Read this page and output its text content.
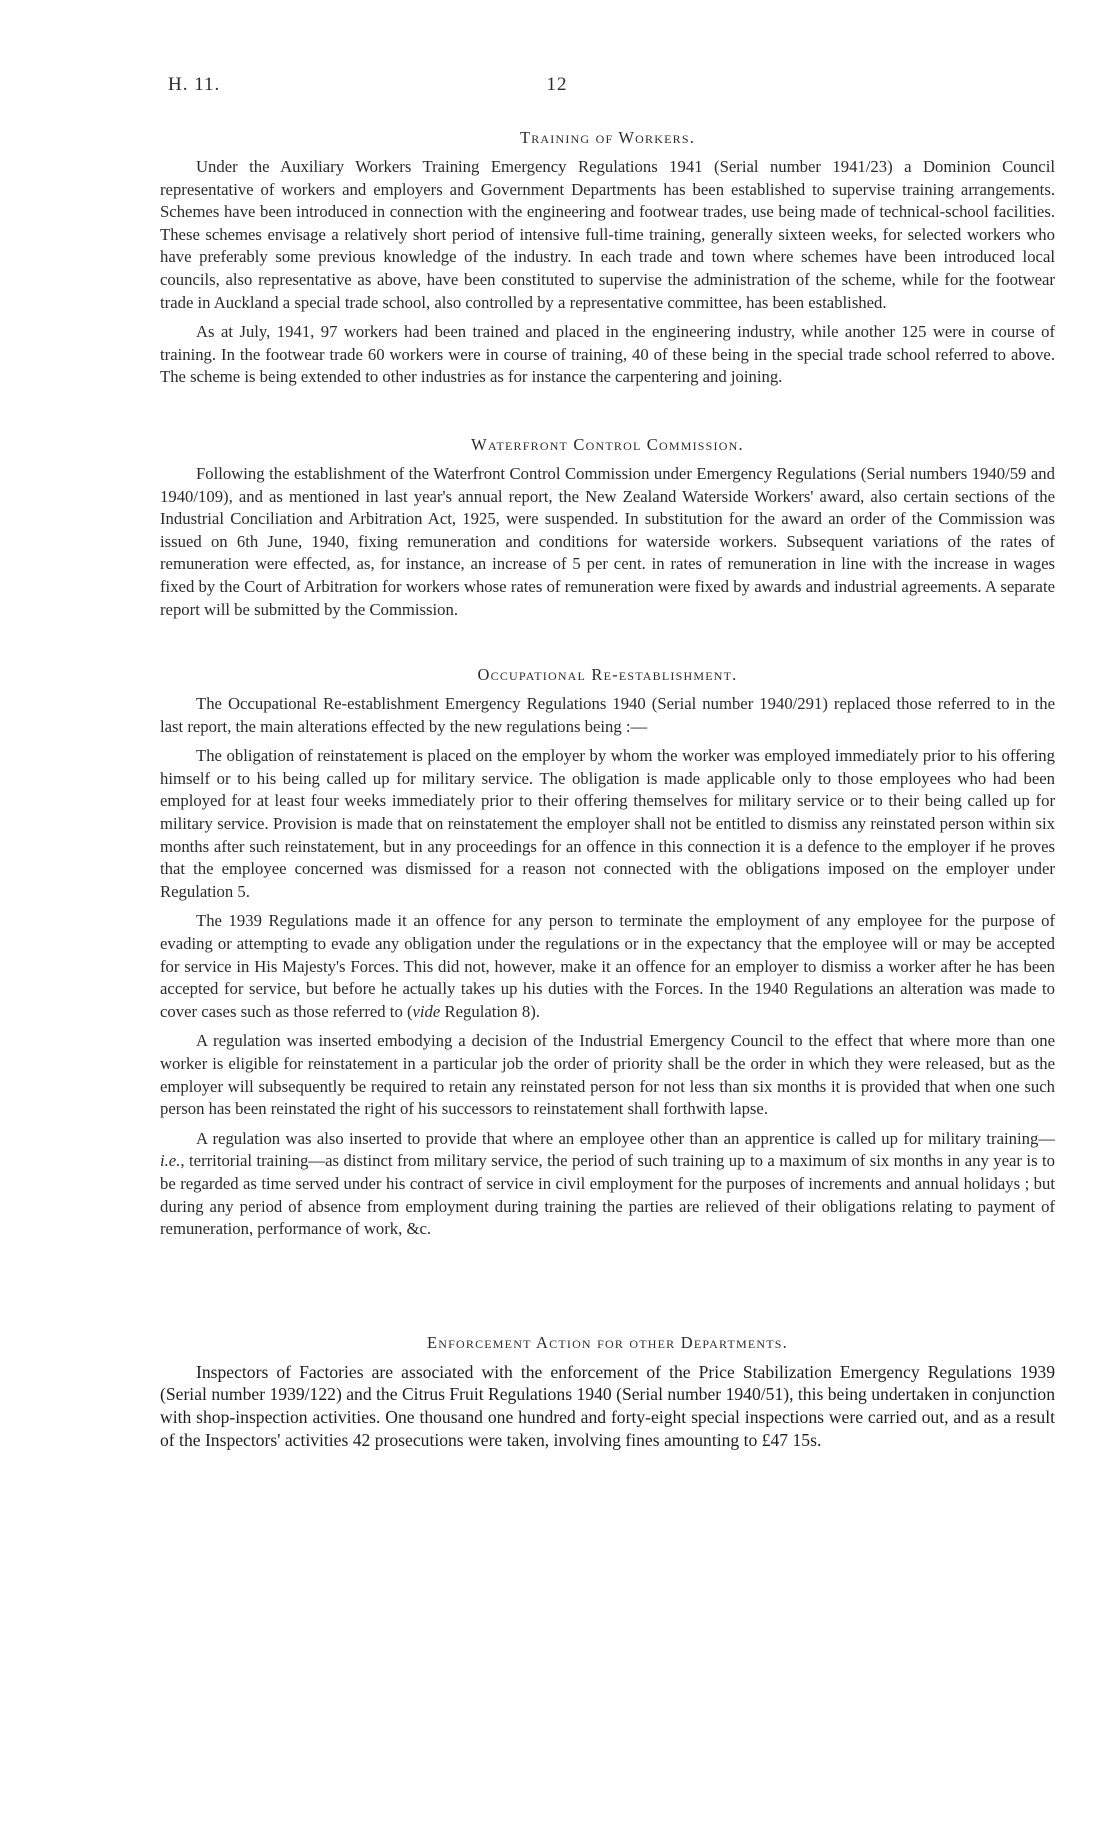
H. 11.	12
Training of Workers.

Under the Auxiliary Workers Training Emergency Regulations 1941 (Serial number 1941/23) a Dominion Council representative of workers and employers and Government Departments has been established to supervise training arrangements. Schemes have been introduced in connection with the engineering and footwear trades, use being made of technical-school facilities. These schemes envisage a relatively short period of intensive full-time training, generally sixteen weeks, for selected workers who have preferably some previous knowledge of the industry. In each trade and town where schemes have been introduced local councils, also representative as above, have been constituted to supervise the administration of the scheme, while for the footwear trade in Auckland a special trade school, also controlled by a representative committee, has been established.

As at July, 1941, 97 workers had been trained and placed in the engineering industry, while another 125 were in course of training. In the footwear trade 60 workers were in course of training, 40 of these being in the special trade school referred to above. The scheme is being extended to other industries as for instance the carpentering and joining.

Waterfront Control Commission.

Following the establishment of the Waterfront Control Commission under Emergency Regulations (Serial numbers 1940/59 and 1940/109), and as mentioned in last year's annual report, the New Zealand Waterside Workers' award, also certain sections of the Industrial Conciliation and Arbitration Act, 1925, were suspended. In substitution for the award an order of the Commission was issued on 6th June, 1940, fixing remuneration and conditions for waterside workers. Subsequent variations of the rates of remuneration were effected, as, for instance, an increase of 5 per cent. in rates of remuneration in line with the increase in wages fixed by the Court of Arbitration for workers whose rates of remuneration were fixed by awards and industrial agreements. A separate report will be submitted by the Commission.

Occupational Re-establishment.

The Occupational Re-establishment Emergency Regulations 1940 (Serial number 1940/291) replaced those referred to in the last report, the main alterations effected by the new regulations being :—

The obligation of reinstatement is placed on the employer by whom the worker was employed immediately prior to his offering himself or to his being called up for military service. The obligation is made applicable only to those employees who had been employed for at least four weeks immediately prior to their offering themselves for military service or to their being called up for military service. Provision is made that on reinstatement the employer shall not be entitled to dismiss any reinstated person within six months after such reinstatement, but in any proceedings for an offence in this connection it is a defence to the employer if he proves that the employee concerned was dismissed for a reason not connected with the obligations imposed on the employer under Regulation 5.

The 1939 Regulations made it an offence for any person to terminate the employment of any employee for the purpose of evading or attempting to evade any obligation under the regulations or in the expectancy that the employee will or may be accepted for service in His Majesty's Forces. This did not, however, make it an offence for an employer to dismiss a worker after he has been accepted for service, but before he actually takes up his duties with the Forces. In the 1940 Regulations an alteration was made to cover cases such as those referred to (vide Regulation 8).

A regulation was inserted embodying a decision of the Industrial Emergency Council to the effect that where more than one worker is eligible for reinstatement in a particular job the order of priority shall be the order in which they were released, but as the employer will subsequently be required to retain any reinstated person for not less than six months it is provided that when one such person has been reinstated the right of his successors to reinstatement shall forthwith lapse.

A regulation was also inserted to provide that where an employee other than an apprentice is called up for military training—i.e., territorial training—as distinct from military service, the period of such training up to a maximum of six months in any year is to be regarded as time served under his contract of service in civil employment for the purposes of increments and annual holidays ; but during any period of absence from employment during training the parties are relieved of their obligations relating to payment of remuneration, performance of work, &c.

Enforcement Action for other Departments.

Inspectors of Factories are associated with the enforcement of the Price Stabilization Emergency Regulations 1939 (Serial number 1939/122) and the Citrus Fruit Regulations 1940 (Serial number 1940/51), this being undertaken in conjunction with shop-inspection activities. One thousand one hundred and forty-eight special inspections were carried out, and as a result of the Inspectors' activities 42 prosecutions were taken, involving fines amounting to £47 15s.
